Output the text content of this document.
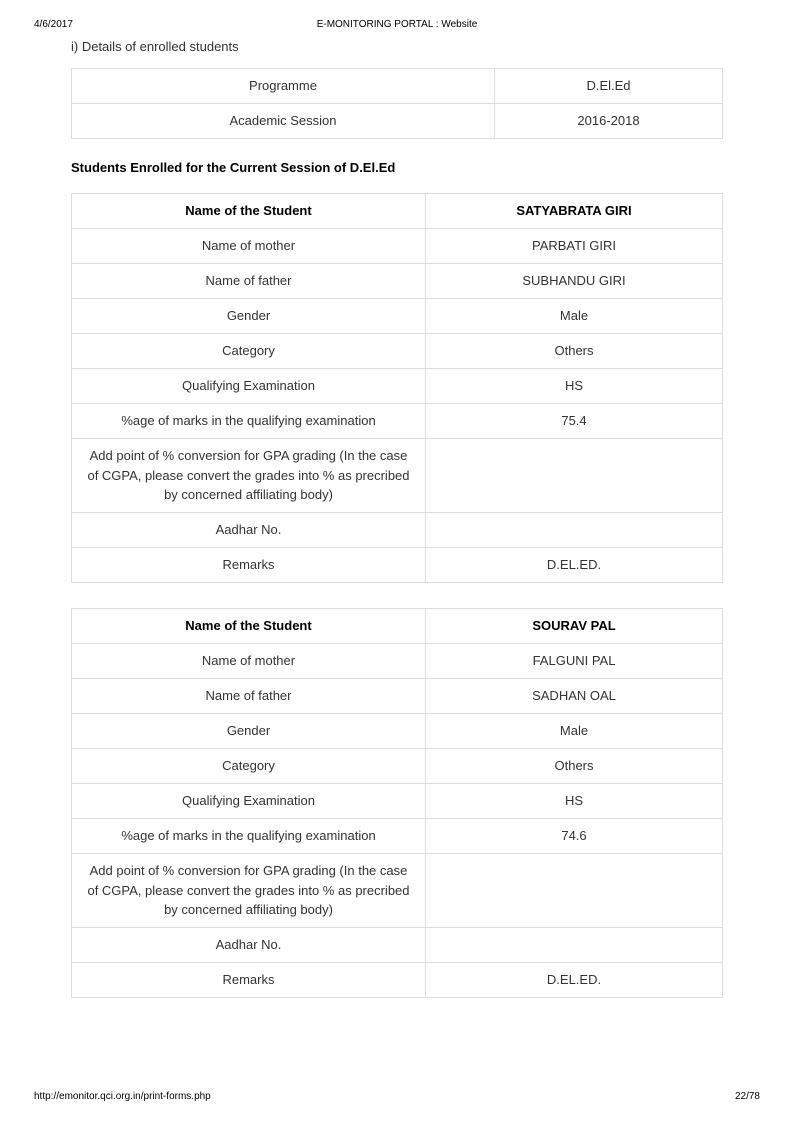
4/6/2017	E-MONITORING PORTAL : Website
i) Details of enrolled students
Programme	D.El.Ed
Academic Session	2016-2018
Students Enrolled for the Current Session of D.El.Ed
Name of the Student	SATYABRATA GIRI
Name of mother	PARBATI GIRI
Name of father	SUBHANDU GIRI
Gender	Male
Category	Others
Qualifying Examination	HS
%age of marks in the qualifying examination	75.4
Add point of % conversion for GPA grading (In the case of CGPA, please convert the grades into % as precribed by concerned affiliating body)	
Aadhar No.	
Remarks	D.EL.ED.
Name of the Student	SOURAV PAL
Name of mother	FALGUNI PAL
Name of father	SADHAN OAL
Gender	Male
Category	Others
Qualifying Examination	HS
%age of marks in the qualifying examination	74.6
Add point of % conversion for GPA grading (In the case of CGPA, please convert the grades into % as precribed by concerned affiliating body)	
Aadhar No.	
Remarks	D.EL.ED.
http://emonitor.qci.org.in/print-forms.php	22/78
